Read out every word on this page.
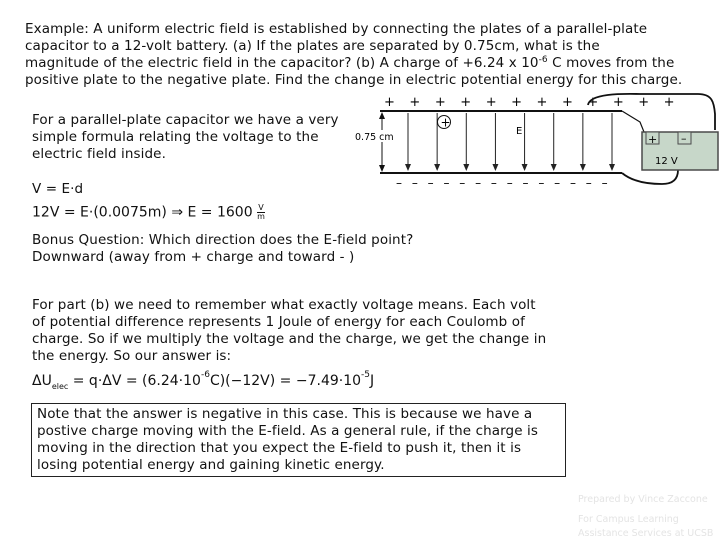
Example: A uniform electric field is established by connecting the plates of a parallel-plate
capacitor to a 12-volt battery. (a) If the plates are separated by 0.75cm, what is the
magnitude of the electric field in the capacitor? (b) A charge of +6.24 x $10^{-6}$ C moves from the
positive plate to the negative plate. Find the change in electric potential energy for this charge.
For a parallel-plate capacitor we have a very simple formula relating the voltage to the electric field inside.
V = E·d
12V = E·(0.0075m) ⇒ $E = 1600 \frac{V}{m}$
+ + + + + + + + + + + +
– – – – – – – – – – – – – –
0.75 cm
E
+
+ –
12 V
Bonus Question: Which direction does the E-field point?
Downward (away from + charge and toward - )
For part (b) we need to remember what exactly voltage means. Each volt of potential difference represents 1 Joule of energy for each Coulomb of charge. So if we multiply the voltage and the charge, we get the change in the energy. So our answer is:
$\Delta U_{elec} = q\cdot\Delta V = (6.24\cdot 10^{-6}C)(-12V) = -7.49\cdot 10^{-5}J$
Note that the answer is negative in this case. This is because we have a postive charge moving with the E-field. As a general rule, if the charge is moving in the direction that you expect the E-field to push it, then it is losing potential energy and gaining kinetic energy.
Prepared by Vince Zaccone
For Campus Learning
Assistance Services at UCSB
